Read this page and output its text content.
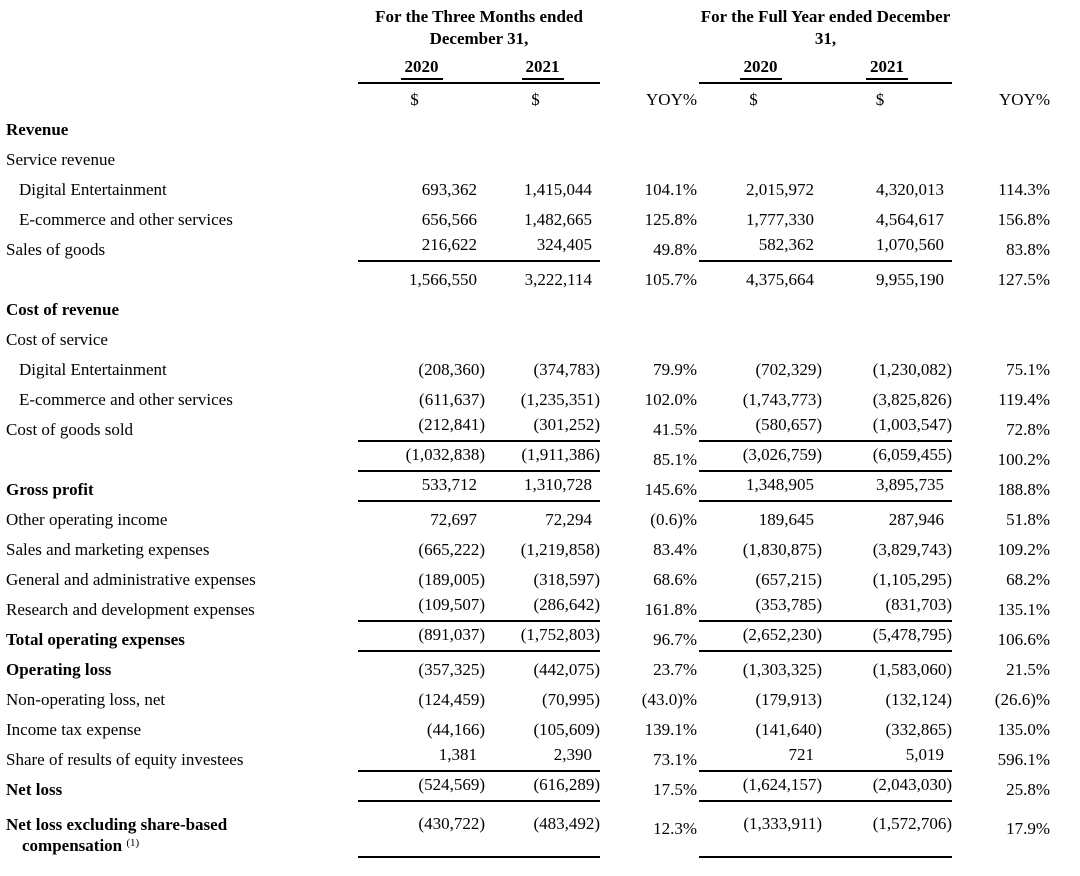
	For the Three Months ended December 31,			For the Full Year ended December 31,		
	2020	2021		2020	2021	
	$	$	YOY%	$	$	YOY%
Revenue						
Service revenue						
Digital Entertainment	693,362	1,415,044	104.1%	2,015,972	4,320,013	114.3%
E-commerce and other services	656,566	1,482,665	125.8%	1,777,330	4,564,617	156.8%
Sales of goods	216,622	324,405	49.8%	582,362	1,070,560	83.8%
	1,566,550	3,222,114	105.7%	4,375,664	9,955,190	127.5%
Cost of revenue						
Cost of service						
Digital Entertainment	(208,360)	(374,783)	79.9%	(702,329)	(1,230,082)	75.1%
E-commerce and other services	(611,637)	(1,235,351)	102.0%	(1,743,773)	(3,825,826)	119.4%
Cost of goods sold	(212,841)	(301,252)	41.5%	(580,657)	(1,003,547)	72.8%
	(1,032,838)	(1,911,386)	85.1%	(3,026,759)	(6,059,455)	100.2%
Gross profit	533,712	1,310,728	145.6%	1,348,905	3,895,735	188.8%
Other operating income	72,697	72,294	(0.6)%	189,645	287,946	51.8%
Sales and marketing expenses	(665,222)	(1,219,858)	83.4%	(1,830,875)	(3,829,743)	109.2%
General and administrative expenses	(189,005)	(318,597)	68.6%	(657,215)	(1,105,295)	68.2%
Research and development expenses	(109,507)	(286,642)	161.8%	(353,785)	(831,703)	135.1%
Total operating expenses	(891,037)	(1,752,803)	96.7%	(2,652,230)	(5,478,795)	106.6%
Operating loss	(357,325)	(442,075)	23.7%	(1,303,325)	(1,583,060)	21.5%
Non-operating loss, net	(124,459)	(70,995)	(43.0)%	(179,913)	(132,124)	(26.6)%
Income tax expense	(44,166)	(105,609)	139.1%	(141,640)	(332,865)	135.0%
Share of results of equity investees	1,381	2,390	73.1%	721	5,019	596.1%
Net loss	(524,569)	(616,289)	17.5%	(1,624,157)	(2,043,030)	25.8%

Net loss excluding share-based
compensation $^{(1)}$	(430,722)	(483,492)	12.3%	(1,333,911)	(1,572,706)	17.9%
